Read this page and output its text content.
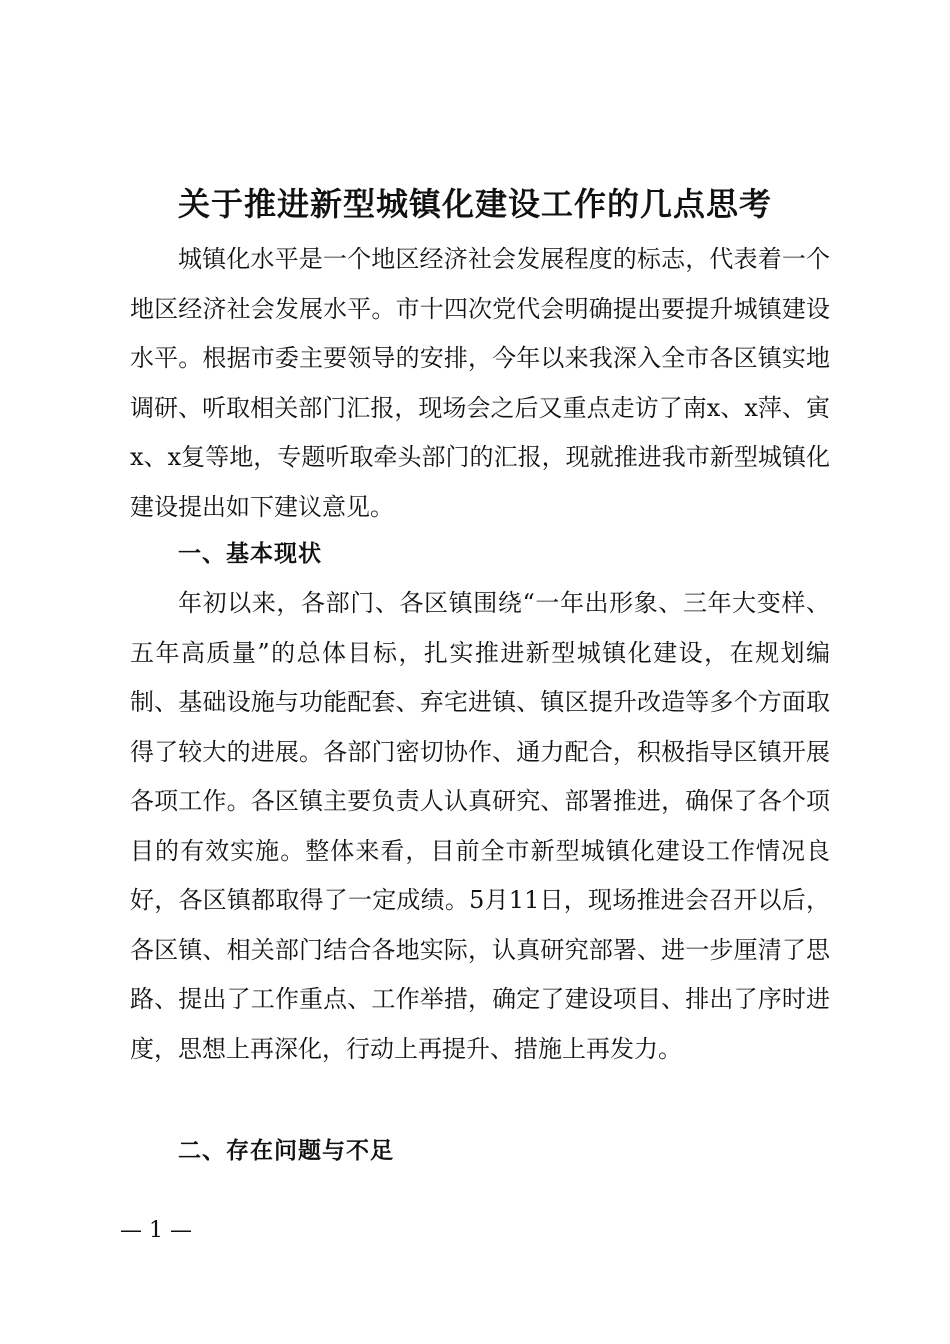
关于推进新型城镇化建设工作的几点思考

城镇化水平是一个地区经济社会发展程度的标志，代表着一个地区经济社会发展水平。市十四次党代会明确提出要提升城镇建设水平。根据市委主要领导的安排，今年以来我深入全市各区镇实地调研、听取相关部门汇报，现场会之后又重点走访了南x、x萍、寅x、x复等地，专题听取牵头部门的汇报，现就推进我市新型城镇化建设提出如下建议意见。

一、基本现状

年初以来，各部门、各区镇围绕“一年出形象、三年大变样、五年高质量”的总体目标，扎实推进新型城镇化建设，在规划编制、基础设施与功能配套、弃宅进镇、镇区提升改造等多个方面取得了较大的进展。各部门密切协作、通力配合，积极指导区镇开展各项工作。各区镇主要负责人认真研究、部署推进，确保了各个项目的有效实施。整体来看，目前全市新型城镇化建设工作情况良好，各区镇都取得了一定成绩。5月11日，现场推进会召开以后，各区镇、相关部门结合各地实际，认真研究部署、进一步厘清了思路、提出了工作重点、工作举措，确定了建设项目、排出了序时进度，思想上再深化，行动上再提升、措施上再发力。

二、存在问题与不足
— 1 —
